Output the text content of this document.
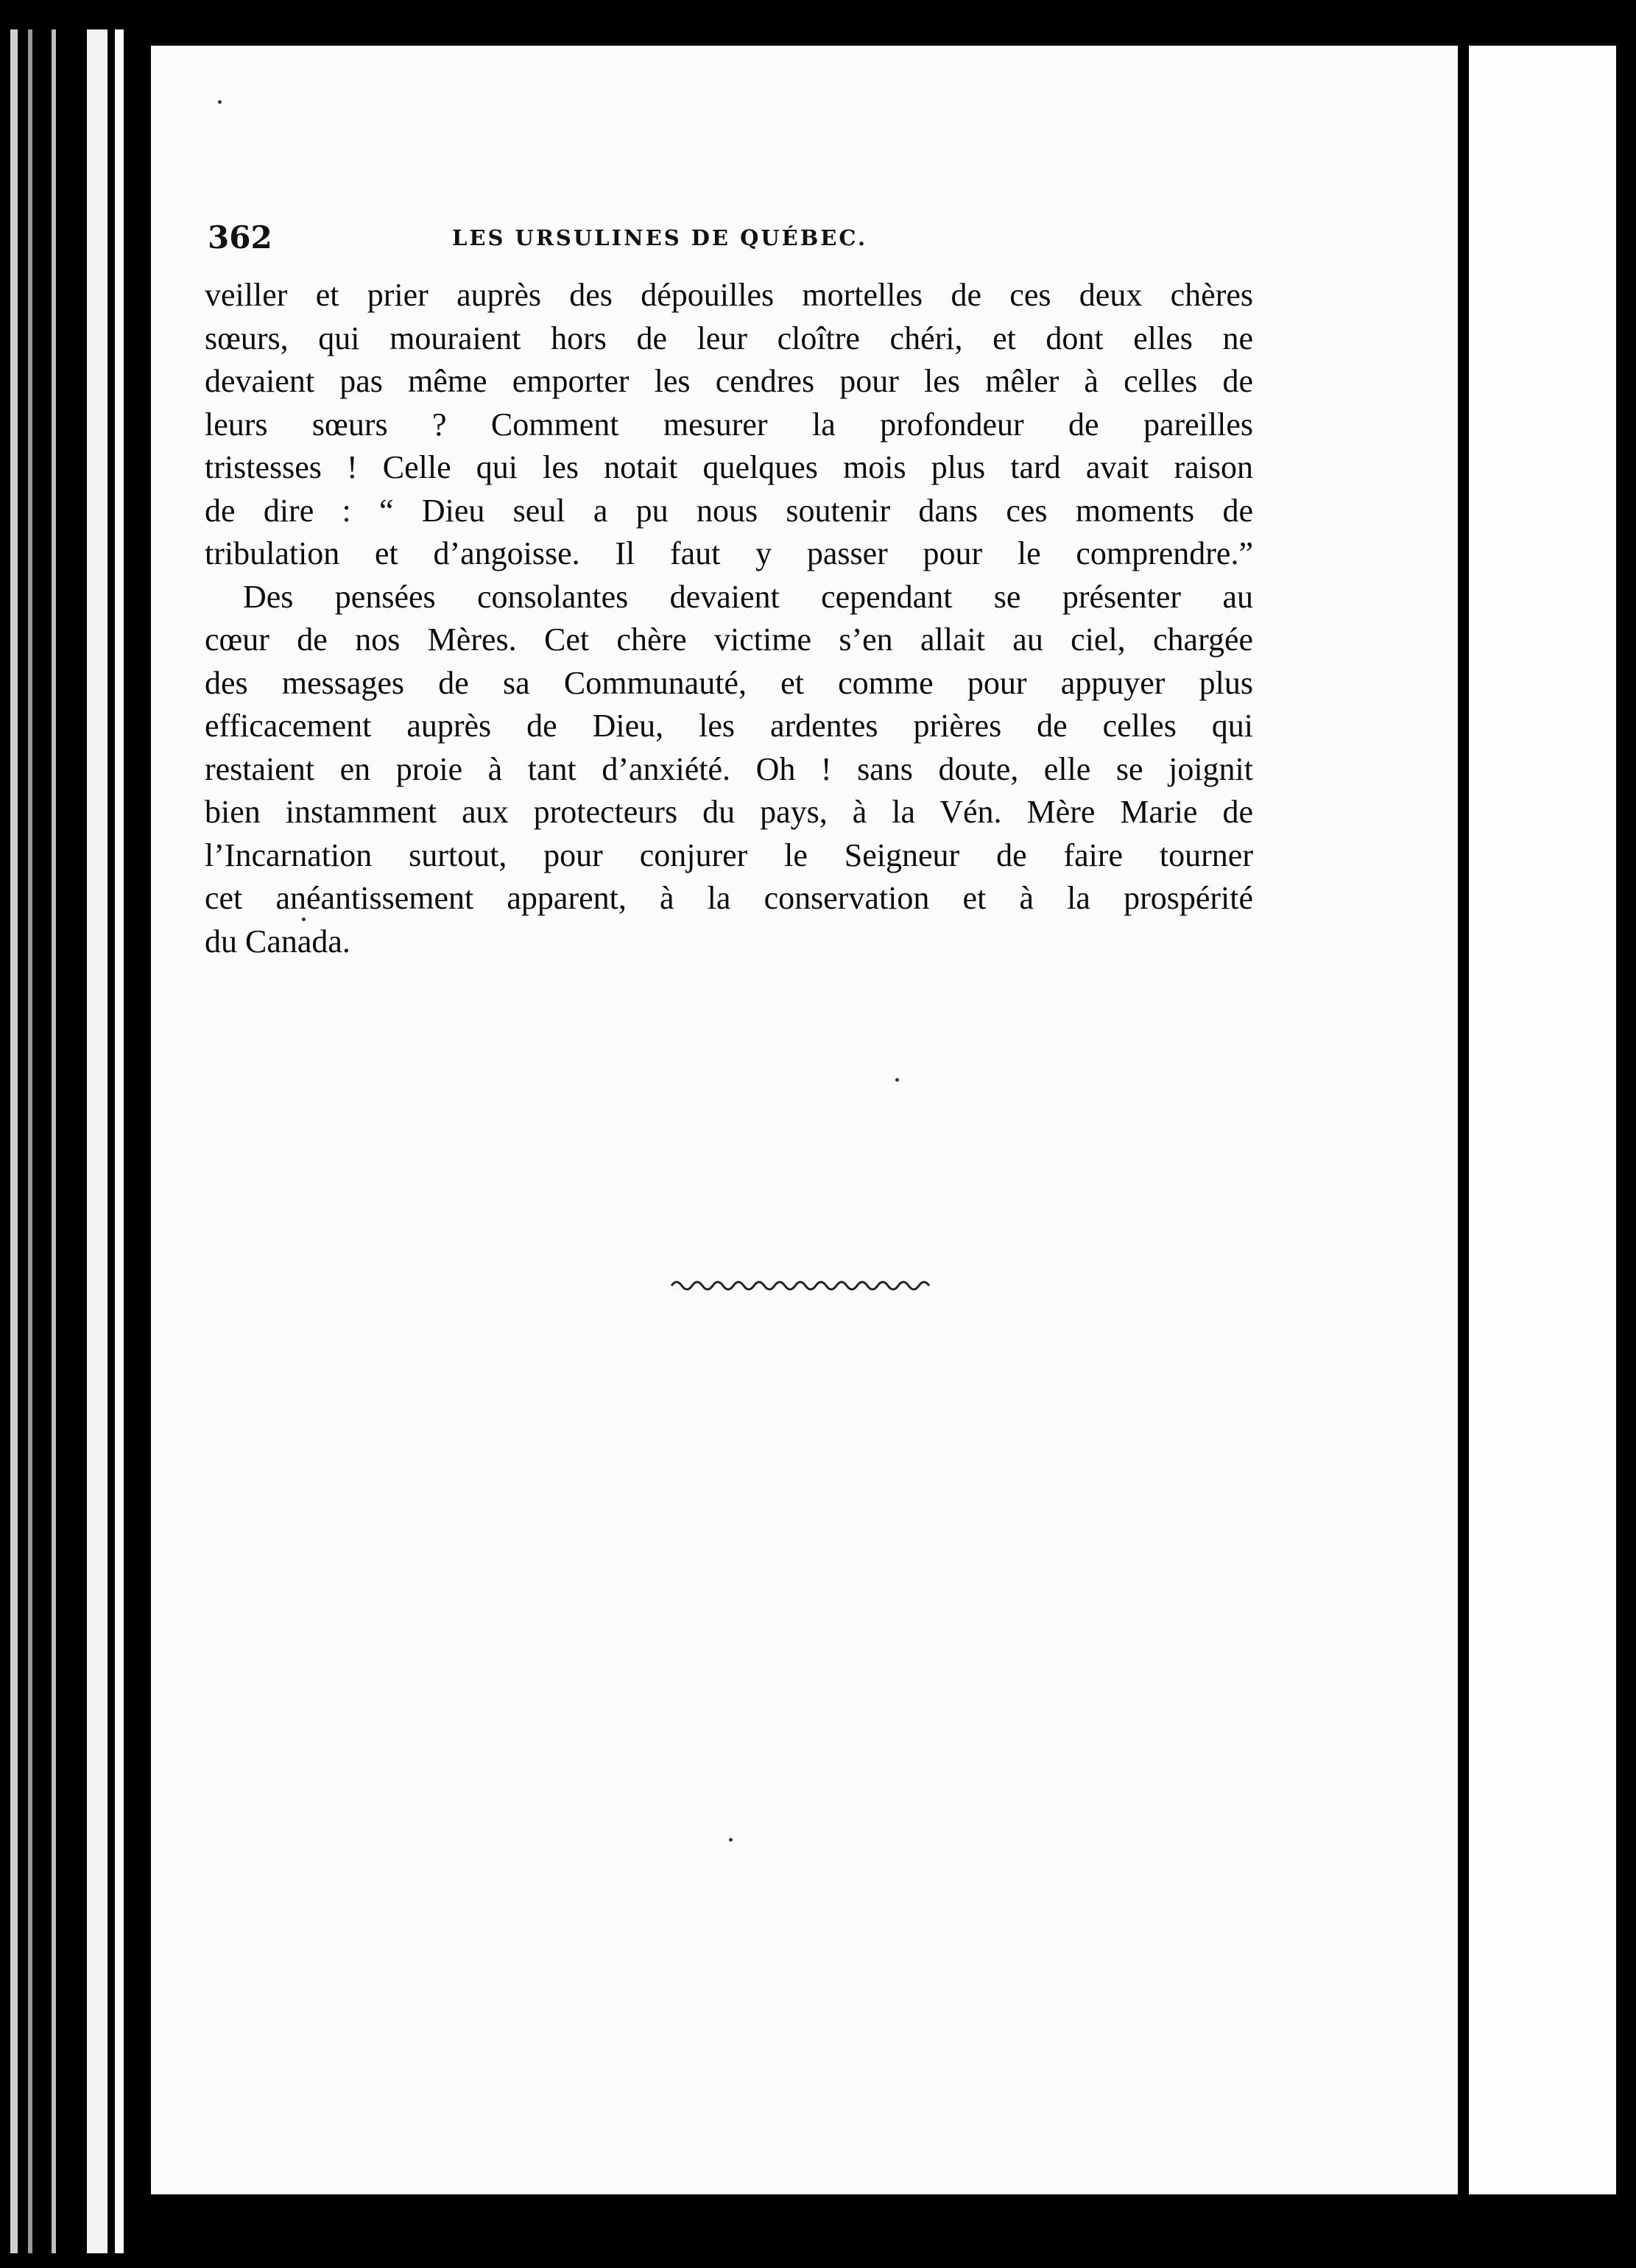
362	LES URSULINES DE QUÉBEC.
veiller et prier auprès des dépouilles mortelles de ces deux chères
sœurs, qui mouraient hors de leur cloître chéri, et dont elles ne
devaient pas même emporter les cendres pour les mêler à celles de
leurs sœurs ? Comment mesurer la profondeur de pareilles
tristesses ! Celle qui les notait quelques mois plus tard avait raison
de dire : “ Dieu seul a pu nous soutenir dans ces moments de
tribulation et d’angoisse. Il faut y passer pour le comprendre.”
Des pensées consolantes devaient cependant se présenter au
cœur de nos Mères. Cet chère victime s’en allait au ciel, chargée
des messages de sa Communauté, et comme pour appuyer plus
efficacement auprès de Dieu, les ardentes prières de celles qui
restaient en proie à tant d’anxiété. Oh ! sans doute, elle se joignit
bien instamment aux protecteurs du pays, à la Vén. Mère Marie de
l’Incarnation surtout, pour conjurer le Seigneur de faire tourner
cet anéantissement apparent, à la conservation et à la prospérité
du Canada.
